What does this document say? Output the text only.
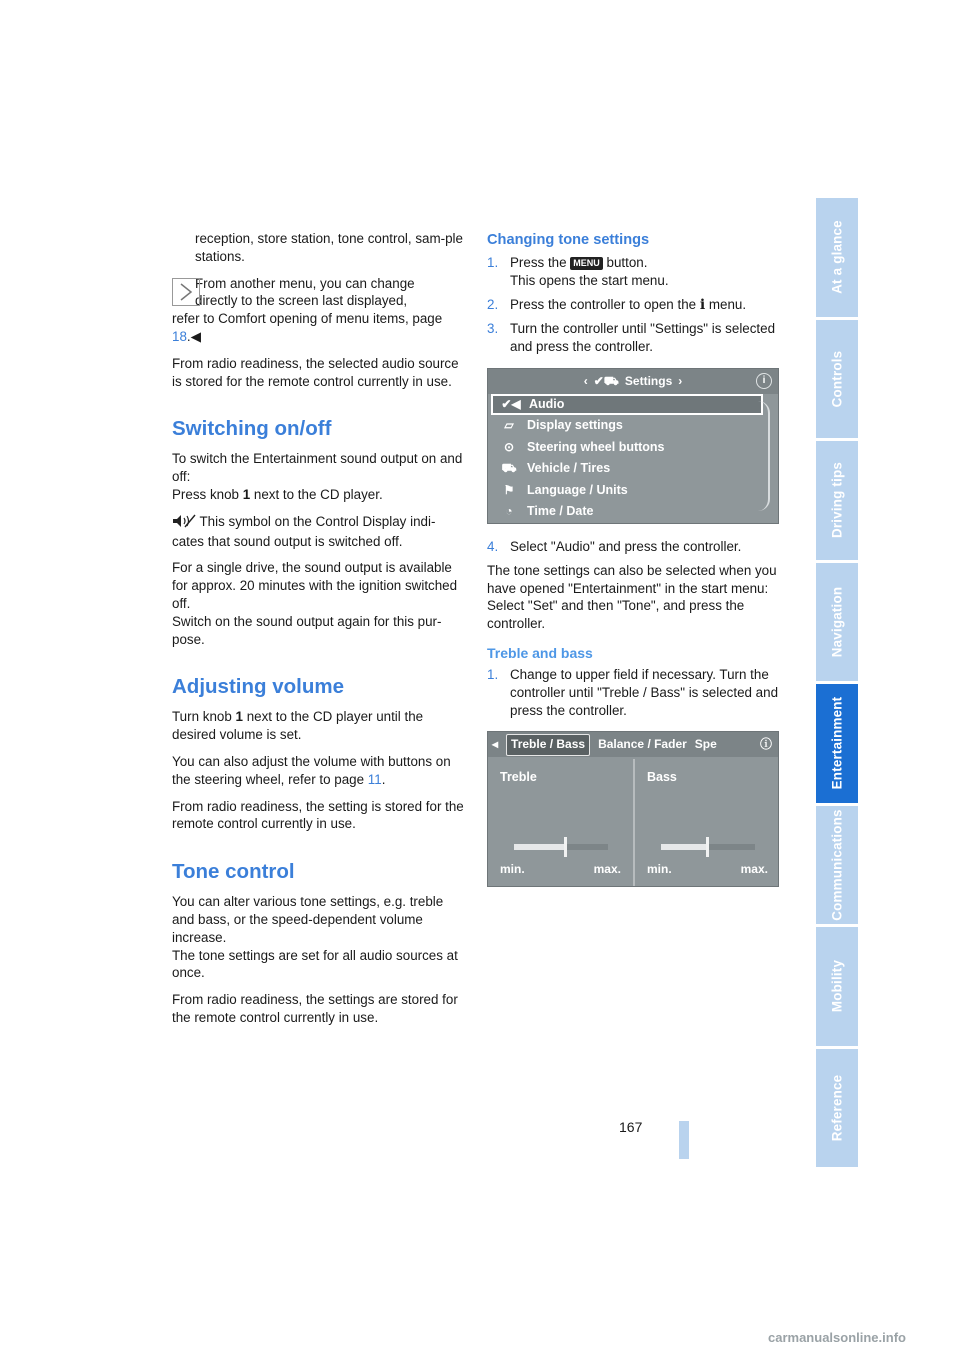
reception, store station, tone control, sam-ple stations.

From another menu, you can change

directly to the screen last displayed,

refer to Comfort opening of menu items, page 18.◀

From radio readiness, the selected audio source is stored for the remote control currently in use.

Switching on/off

To switch the Entertainment sound output on and off:

Press knob 1 next to the CD player.

This symbol on the Control Display indi-cates that sound output is switched off.

For a single drive, the sound output is available for approx. 20 minutes with the ignition switched off.

Switch on the sound output again for this pur-pose.

Adjusting volume

Turn knob 1 next to the CD player until the desired volume is set.

You can also adjust the volume with buttons on the steering wheel, refer to page 11.

From radio readiness, the setting is stored for the remote control currently in use.

Tone control

You can alter various tone settings, e.g. treble and bass, or the speed-dependent volume increase.

The tone settings are set for all audio sources at once.

From radio readiness, the settings are stored for the remote control currently in use.

Changing tone settings

1. Press the MENU button.

This opens the start menu.

2. Press the controller to open the i menu.

3. Turn the controller until "Settings" is selected and press the controller.

‹ ✔⛟ Settings ›	i
✔◀ Audio
▱	Display settings
⊙	Steering wheel buttons
⛟ Vehicle / Tires
⚑	Language / Units
◔	Time / Date

4. Select "Audio" and press the controller.

The tone settings can also be selected when you have opened "Entertainment" in the start menu:

Select "Set" and then "Tone", and press the controller.

Treble and bass

1. Change to upper field if necessary. Turn the controller until "Treble / Bass" is selected and press the controller.

◂	Treble / Bass	Balance / Fader Spe	ⓘ
Treble
min.	max.
Bass
min.	max.
At a glance
Controls
Driving tips
Navigation
Entertainment
Communications
Mobility
Reference
167
carmanualsonline.info
